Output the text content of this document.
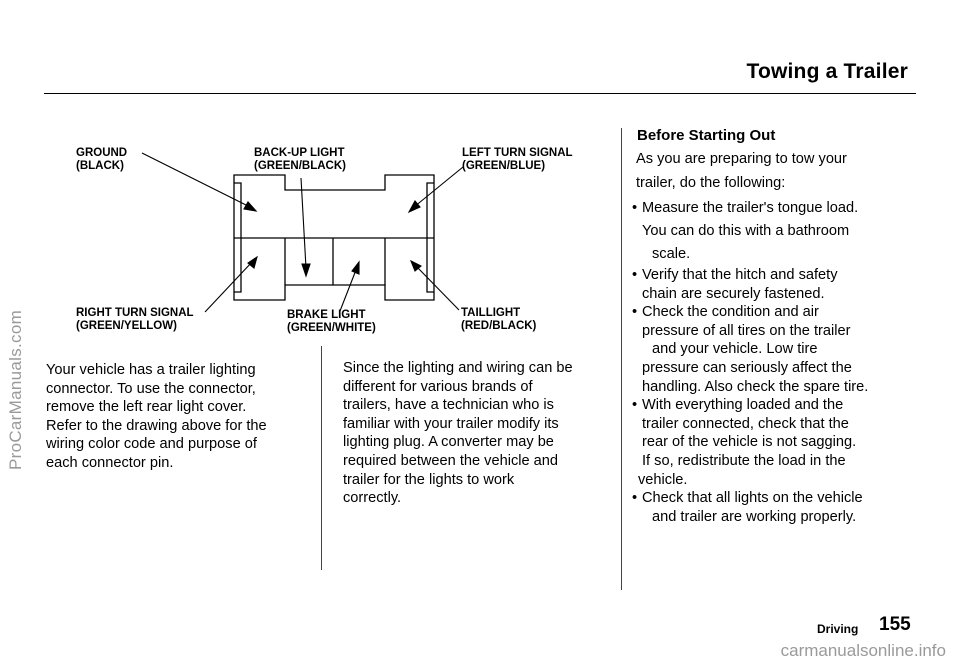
Towing a Trailer
GROUND
(BLACK)
BACK-UP LIGHT
(GREEN/BLACK)
LEFT TURN SIGNAL
(GREEN/BLUE)
RIGHT TURN SIGNAL
(GREEN/YELLOW)
BRAKE LIGHT
(GREEN/WHITE)
TAILLIGHT
(RED/BLACK)

Your vehicle has a trailer lighting

connector. To use the connector,

remove the left rear light cover.

Refer to the drawing above for the

wiring color code and purpose of

each connector pin.

Since the lighting and wiring can be

different for various brands of

trailers, have a technician who is

familiar with your trailer modify its

lighting plug. A converter may be

required between the vehicle and

trailer for the lights to work

correctly.

Before Starting Out

As you are preparing to tow your

trailer, do the following:

• Measure the trailer's tongue load.
You can do this with a bathroom
scale.
• Verify that the hitch and safety
chain are securely fastened.
• Check the condition and air
pressure of all tires on the trailer
and your vehicle. Low tire
pressure can seriously affect the
handling. Also check the spare tire.
• With everything loaded and the
trailer connected, check that the
rear of the vehicle is not sagging.
If so, redistribute the load in the
vehicle.
• Check that all lights on the vehicle
and trailer are working properly.
Driving 155
ProCarManuals.com
carmanualsonline.info
